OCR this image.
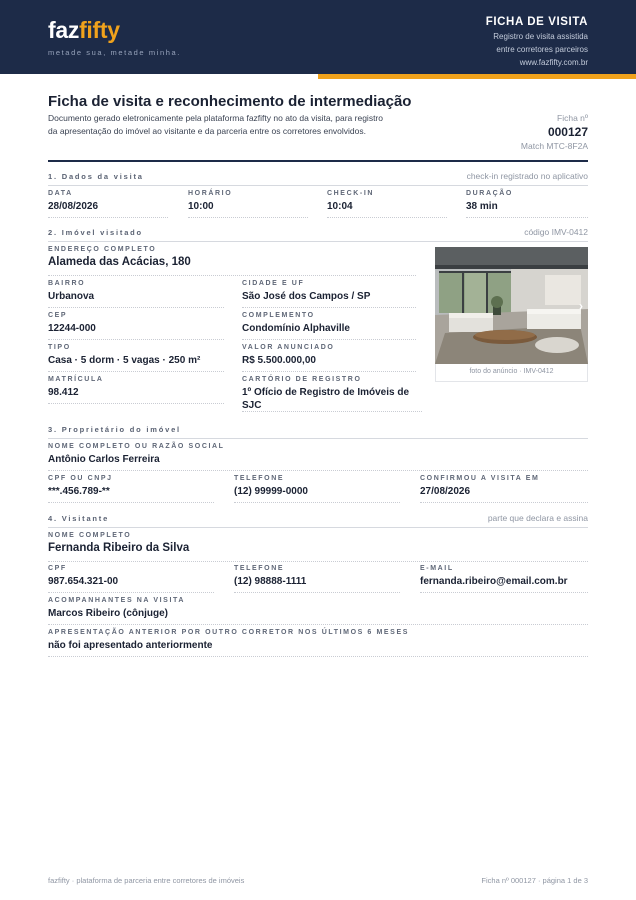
fazfifty
metade sua, metade minha.
FICHA DE VISITA
Registro de visita assistida
entre corretores parceiros
www.fazfifty.com.br
Ficha de visita e reconhecimento de intermediação
Documento gerado eletronicamente pela plataforma fazfifty no ato da visita, para registro da apresentação do imóvel ao visitante e da parceria entre os corretores envolvidos.
Ficha nº
000127
Match MTC-8F2A
1. Dados da visita	check-in registrado no aplicativo
DATA
28/08/2026
HORÁRIO
10:00
CHECK-IN
10:04
DURAÇÃO
38 min
2. Imóvel visitado	código IMV-0412
ENDEREÇO COMPLETO
Alameda das Acácias, 180
BAIRRO
Urbanova
CIDADE E UF
São José dos Campos / SP
CEP
12244-000
COMPLEMENTO
Condomínio Alphaville
TIPO
Casa · 5 dorm · 5 vagas · 250 m²
VALOR ANUNCIADO
R$ 5.500.000,00
MATRÍCULA
98.412
CARTÓRIO DE REGISTRO
1º Ofício de Registro de Imóveis de SJC
›
foto do anúncio · IMV-0412
3. Proprietário do imóvel
NOME COMPLETO OU RAZÃO SOCIAL
Antônio Carlos Ferreira
CPF OU CNPJ
***.456.789-**
TELEFONE
(12) 99999-0000
CONFIRMOU A VISITA EM
27/08/2026
4. Visitante	parte que declara e assina
NOME COMPLETO
Fernanda Ribeiro da Silva
CPF
987.654.321-00
TELEFONE
(12) 98888-1111
E-MAIL
fernanda.ribeiro@email.com.br
ACOMPANHANTES NA VISITA
Marcos Ribeiro (cônjuge)
APRESENTAÇÃO ANTERIOR POR OUTRO CORRETOR NOS ÚLTIMOS 6 MESES
não foi apresentado anteriormente
fazfifty · plataforma de parceria entre corretores de imóveis	Ficha nº 000127 · página 1 de 3
